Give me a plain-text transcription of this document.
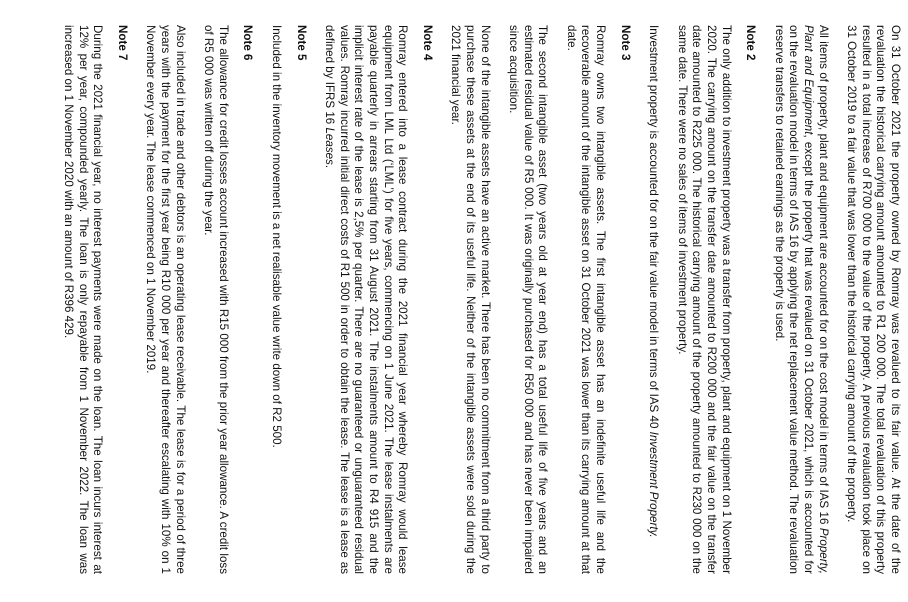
On 31 October 2021 the property owned by Romray was revalued to its fair value. At the date of the revaluation the historical carrying amount amounted to R1 200 000. The total revaluation of this property resulted in a total increase of R700 000 to the value of the property. A previous revaluation took place on 31 October 2019 to a fair value that was lower than the historical carrying amount of the property.

All items of property, plant and equipment are accounted for on the cost model in terms of IAS 16 Property, Plant and Equipment, except the property that was revalued on 31 October 2021, which is accounted for on the revaluation model in terms of IAS 16 by applying the net replacement value method. The revaluation reserve transfers to retained earnings as the property is used.

Note 2

The only addition to investment property was a transfer from property, plant and equipment on 1 November 2020. The carrying amount on the transfer date amounted to R200 000 and the fair value on the transfer date amounted to R225 000. The historical carrying amount of the property amounted to R230 000 on the same date. There were no sales of items of investment property.

Investment property is accounted for on the fair value model in terms of IAS 40 Investment Property.

Note 3

Romray owns two intangible assets. The first intangible asset has an indefinite useful life and the recoverable amount of the intangible asset on 31 October 2021 was lower than its carrying amount at that date.

The second intangible asset (two years old at year end) has a total useful life of five years and an estimated residual value of R5 000. It was originally purchased for R50 000 and has never been impaired since acquisition.

None of the intangible assets have an active market. There has been no commitment from a third party to purchase these assets at the end of its useful life. Neither of the intangible assets were sold during the 2021 financial year.

Note 4

Romray entered into a lease contract during the 2021 financial year whereby Romray would lease equipment from LML Ltd (‘LML’) for five years, commencing on 1 June 2021. The lease instalments are payable quarterly in arrears starting from 31 August 2021. The instalments amount to R4 915 and the implicit interest rate of the lease is 2,5% per quarter. There are no guaranteed or unguaranteed residual values. Romray incurred initial direct costs of R1 500 in order to obtain the lease. The lease is a lease as defined by IFRS 16 Leases.

Note 5

Included in the inventory movement is a net realisable value write down of R2 500.

Note 6

The allowance for credit losses account increased with R15 000 from the prior year allowance. A credit loss of R5 000 was written off during the year.

Also included in trade and other debtors is an operating lease receivable. The lease is for a period of three years with the payment for the first year being R10 000 per year and thereafter escalating with 10% on 1 November every year. The lease commenced on 1 November 2019.

Note 7

During the 2021 financial year, no interest payments were made on the loan. The loan incurs interest at 12% per year, compounded yearly. The loan is only repayable from 1 November 2022. The loan was increased on 1 November 2020 with an amount of R396 429.
